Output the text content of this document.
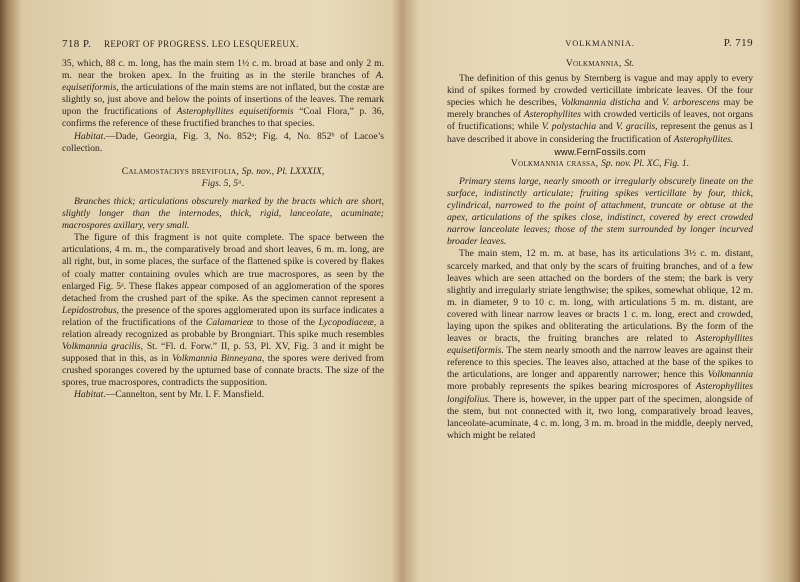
718 P. REPORT OF PROGRESS. LEO LESQUEREUX.

35, which, 88 c. m. long, has the main stem 1½ c. m. broad at base and only 2 m. m. near the broken apex. In the fruiting as in the sterile branches of A. equisetiformis, the articulations of the main stems are not inflated, but the costæ are slightly so, just above and below the points of insertions of the leaves. The remark upon the fructifications of Asterophyllites equisetiformis “Coal Flora,” p. 36, confirms the reference of these fructified branches to that species.

Habitat.—Dade, Georgia, Fig. 3, No. 852ᵃ; Fig. 4, No. 852ᵇ of Lacoe’s collection.

Calamostachys brevifolia, Sp. nov., Pl. LXXXIX,

Figs. 5, 5ᵃ.

Branches thick; articulations obscurely marked by the bracts which are short, slightly longer than the internodes, thick, rigid, lanceolate, acuminate; macrospores axillary, very small.

The figure of this fragment is not quite complete. The space between the articulations, 4 m. m., the comparatively broad and short leaves, 6 m. m. long, are all right, but, in some places, the surface of the flattened spike is covered by flakes of coaly matter containing ovules which are true macrospores, as seen by the enlarged Fig. 5ᵃ. These flakes appear composed of an agglomeration of the spores detached from the crushed part of the spike. As the specimen cannot represent a Lepidostrobus, the presence of the spores agglomerated upon its surface indicates a relation of the fructifications of the Calamarieæ to those of the Lycopodiaceæ, a relation already recognized as probable by Brongniart. This spike much resembles Volkmannia gracilis, St. “Fl. d. Forw.” II, p. 53, Pl. XV, Fig. 3 and it might be supposed that in this, as in Volkmannia Binneyana, the spores were derived from crushed sporanges covered by the upturned base of connate bracts. The size of the spores, true macrospores, contradicts the supposition.

Habitat.—Cannelton, sent by Mr. I. F. Mansfield.

VOLKMANNIA.	P. 719

Volkmannia, St.

The definition of this genus by Sternberg is vague and may apply to every kind of spikes formed by crowded verticillate imbricate leaves. Of the four species which he describes, Volkmannia distichа and V. arborescens may be merely branches of Asterophyllites with crowded verticils of leaves, not organs of fructifications; while V. polystachia and V. gracilis, represent the genus as I have described it above in considering the fructification of Asterophyllites.

www.FernFossils.com

Volkmannia crassa, Sp. nov. Pl. XC, Fig. 1.

Primary stems large, nearly smooth or irregularly obscurely lineate on the surface, indistinctly articulate; fruiting spikes verticillate by four, thick, cylindrical, narrowed to the point of attachment, truncate or obtuse at the apex, articulations of the spikes close, indistinct, covered by erect crowded narrow lanceolate leaves; those of the stem surrounded by longer incurved broader leaves.

The main stem, 12 m. m. at base, has its articulations 3½ c. m. distant, scarcely marked, and that only by the scars of fruiting branches, and of a few leaves which are seen attached on the borders of the stem; the bark is very slightly and irregularly striate lengthwise; the spikes, somewhat oblique, 12 m. m. in diameter, 9 to 10 c. m. long, with articulations 5 m. m. distant, are covered with linear narrow leaves or bracts 1 c. m. long, erect and crowded, laying upon the spikes and obliterating the articulations. By the form of the leaves or bracts, the fruiting branches are related to Asterophyllites equisetiformis. The stem nearly smooth and the narrow leaves are against their reference to this species. The leaves also, attached at the base of the spikes to the articulations, are longer and apparently narrower; hence this Volkmannia more probably represents the spikes bearing microspores of Asterophyllites longifolius. There is, however, in the upper part of the specimen, alongside of the stem, but not connected with it, two long, comparatively broad leaves, lanceolate-acuminate, 4 c. m. long, 3 m. m. broad in the middle, deeply nerved, which might be related
